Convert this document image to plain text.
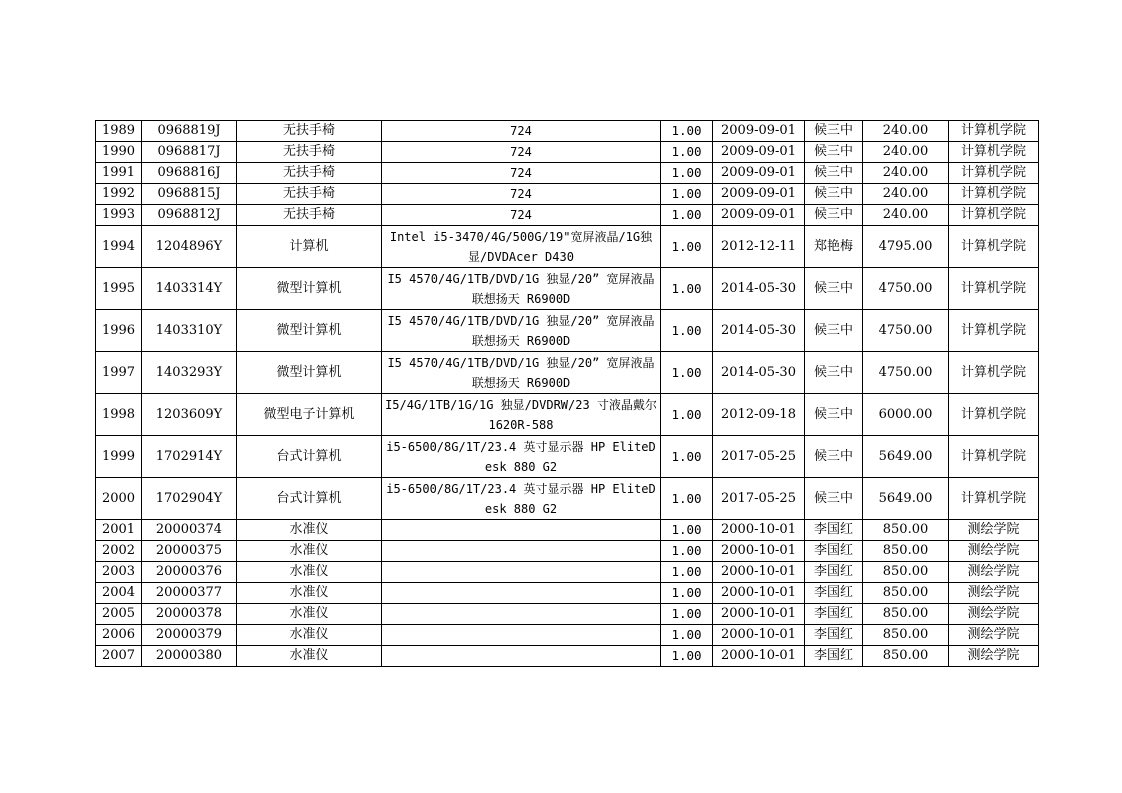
1989	0968819J	无扶手椅	724	1.00	2009-09-01	候三中	240.00	计算机学院
1990	0968817J	无扶手椅	724	1.00	2009-09-01	候三中	240.00	计算机学院
1991	0968816J	无扶手椅	724	1.00	2009-09-01	候三中	240.00	计算机学院
1992	0968815J	无扶手椅	724	1.00	2009-09-01	候三中	240.00	计算机学院
1993	0968812J	无扶手椅	724	1.00	2009-09-01	候三中	240.00	计算机学院
1994	1204896Y	计算机	Intel i5-3470/4G/500G/19"宽屏液晶/1G独显/DVDAcer D430	1.00	2012-12-11	郑艳梅	4795.00	计算机学院
1995	1403314Y	微型计算机	I5 4570/4G/1TB/DVD/1G 独显/20” 宽屏液晶联想扬天 R6900D	1.00	2014-05-30	候三中	4750.00	计算机学院
1996	1403310Y	微型计算机	I5 4570/4G/1TB/DVD/1G 独显/20” 宽屏液晶联想扬天 R6900D	1.00	2014-05-30	候三中	4750.00	计算机学院
1997	1403293Y	微型计算机	I5 4570/4G/1TB/DVD/1G 独显/20” 宽屏液晶联想扬天 R6900D	1.00	2014-05-30	候三中	4750.00	计算机学院
1998	1203609Y	微型电子计算机	I5/4G/1TB/1G/1G 独显/DVDRW/23 寸液晶戴尔 1620R-588	1.00	2012-09-18	候三中	6000.00	计算机学院
1999	1702914Y	台式计算机	i5-6500/8G/1T/23.4 英寸显示器 HP EliteDesk 880 G2	1.00	2017-05-25	候三中	5649.00	计算机学院
2000	1702904Y	台式计算机	i5-6500/8G/1T/23.4 英寸显示器 HP EliteDesk 880 G2	1.00	2017-05-25	候三中	5649.00	计算机学院
2001	20000374	水准仪		1.00	2000-10-01	李国红	850.00	测绘学院
2002	20000375	水准仪		1.00	2000-10-01	李国红	850.00	测绘学院
2003	20000376	水准仪		1.00	2000-10-01	李国红	850.00	测绘学院
2004	20000377	水准仪		1.00	2000-10-01	李国红	850.00	测绘学院
2005	20000378	水准仪		1.00	2000-10-01	李国红	850.00	测绘学院
2006	20000379	水准仪		1.00	2000-10-01	李国红	850.00	测绘学院
2007	20000380	水准仪		1.00	2000-10-01	李国红	850.00	测绘学院
